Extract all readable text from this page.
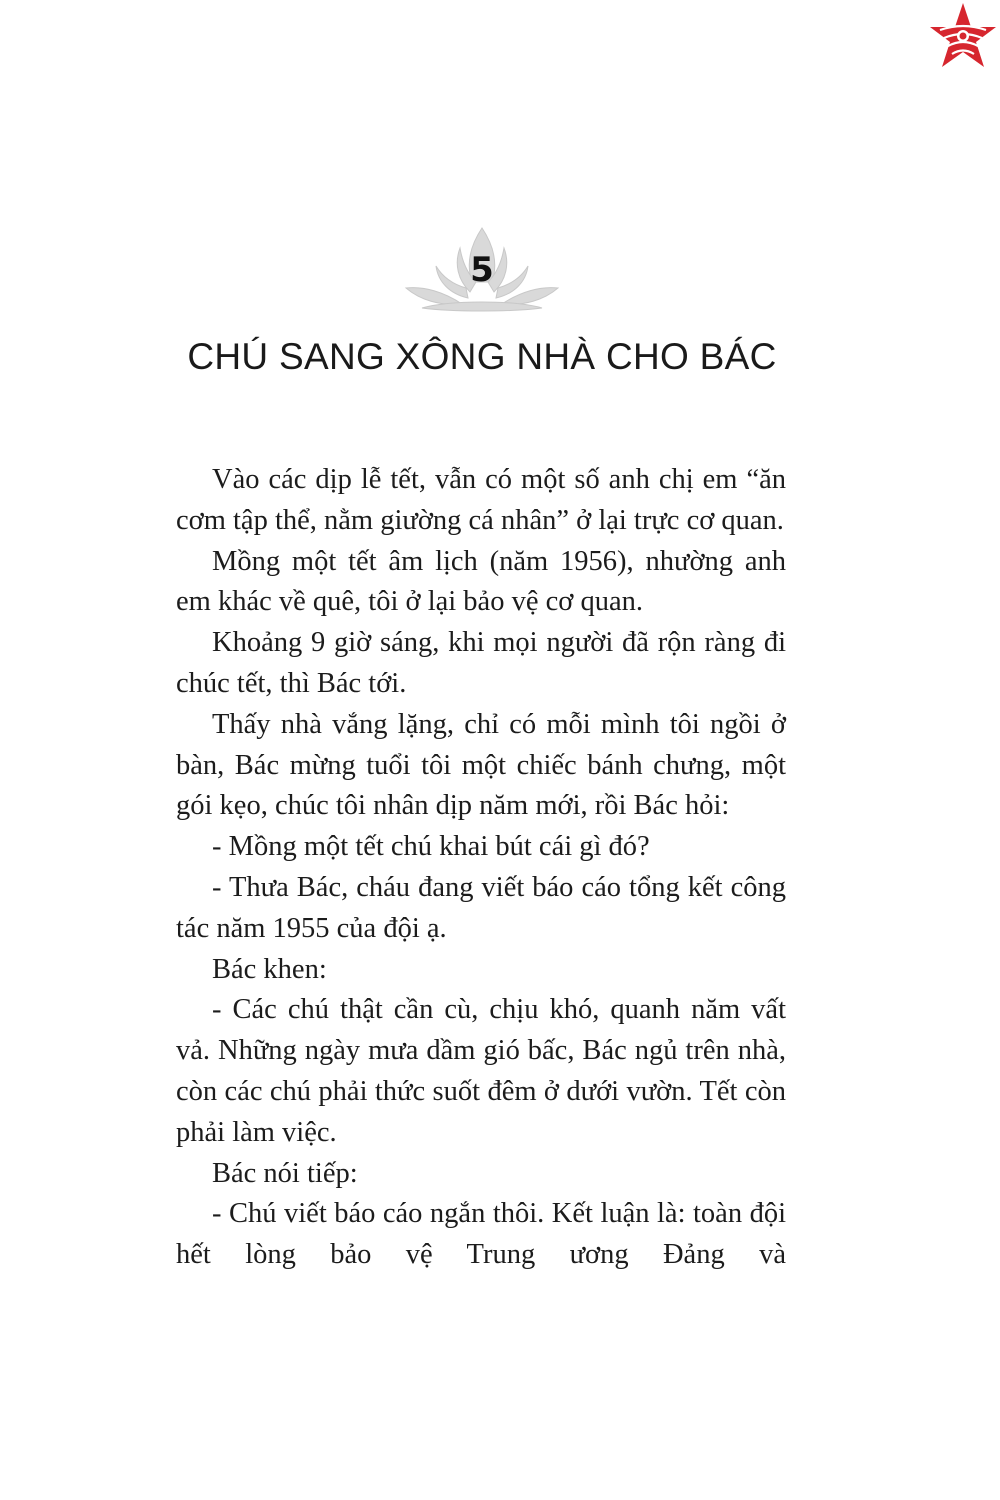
5
CHÚ SANG XÔNG NHÀ CHO BÁC

Vào các dịp lễ tết, vẫn có một số anh chị em “ăn cơm tập thể, nằm giường cá nhân” ở lại trực cơ quan.

Mồng một tết âm lịch (năm 1956), nhường anh em khác về quê, tôi ở lại bảo vệ cơ quan.

Khoảng 9 giờ sáng, khi mọi người đã rộn ràng đi chúc tết, thì Bác tới.

Thấy nhà vắng lặng, chỉ có mỗi mình tôi ngồi ở bàn, Bác mừng tuổi tôi một chiếc bánh chưng, một gói kẹo, chúc tôi nhân dịp năm mới, rồi Bác hỏi:

- Mồng một tết chú khai bút cái gì đó?

- Thưa Bác, cháu đang viết báo cáo tổng kết công tác năm 1955 của đội ạ.

Bác khen:

- Các chú thật cần cù, chịu khó, quanh năm vất vả. Những ngày mưa dầm gió bấc, Bác ngủ trên nhà, còn các chú phải thức suốt đêm ở dưới vườn. Tết còn phải làm việc.

Bác nói tiếp:

- Chú viết báo cáo ngắn thôi. Kết luận là: toàn đội hết lòng bảo vệ Trung ương Đảng và
